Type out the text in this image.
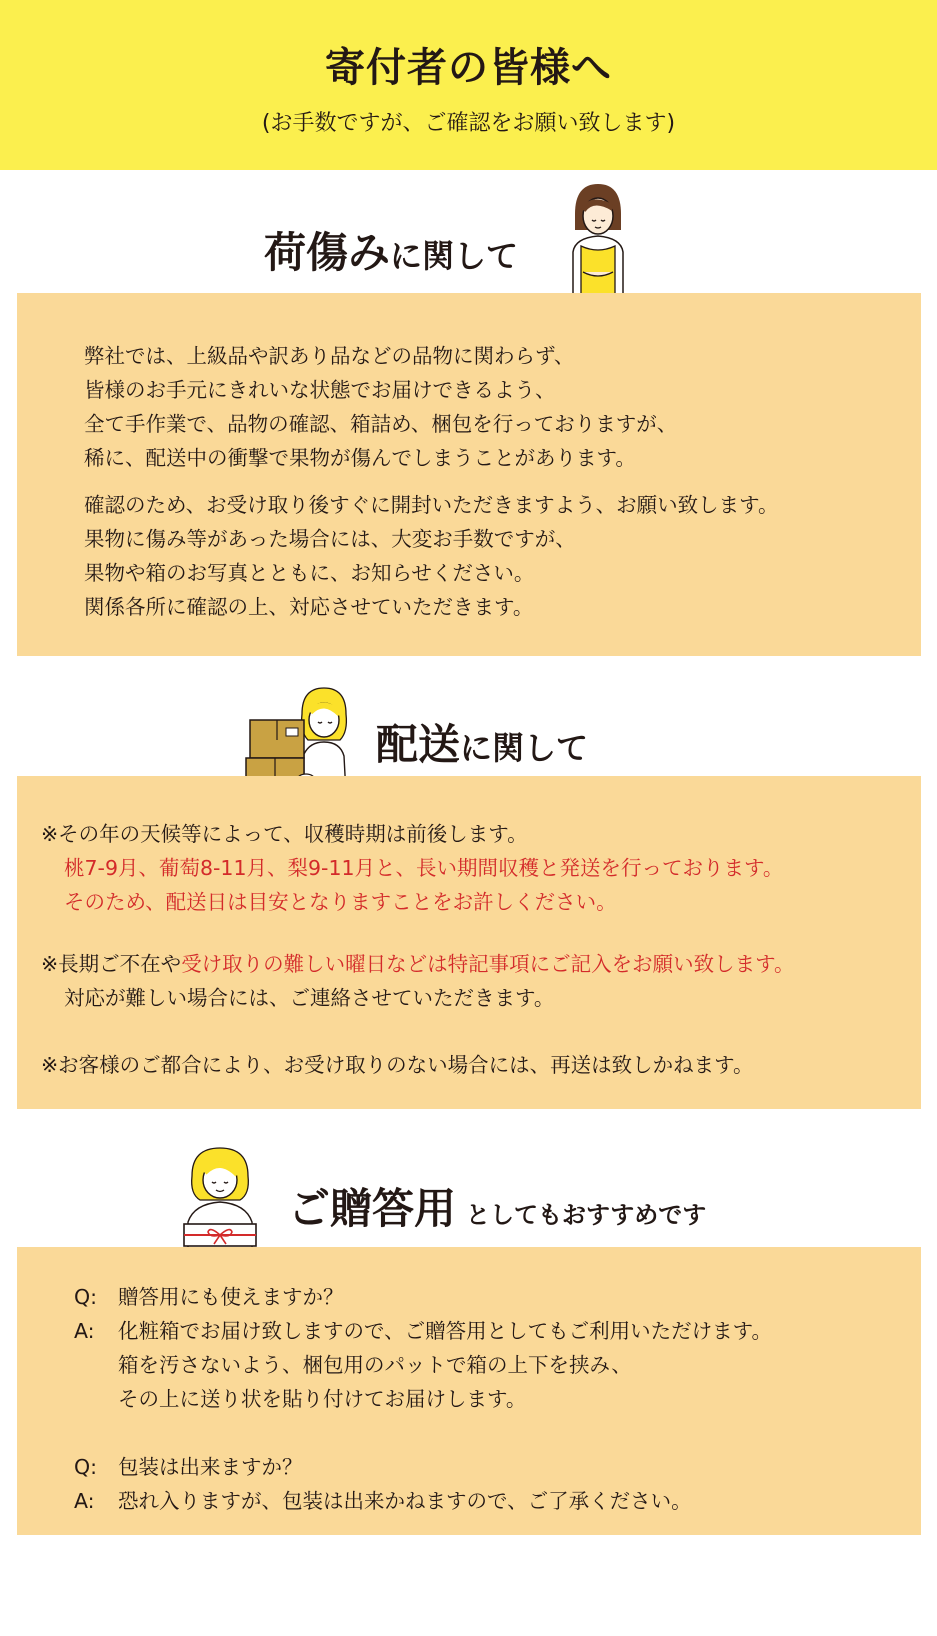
寄付者の皆様へ
(お手数ですが、ご確認をお願い致します)
荷傷みに関して
弊社では、上級品や訳あり品などの品物に関わらず、
皆様のお手元にきれいな状態でお届けできるよう、
全て手作業で、品物の確認、箱詰め、梱包を行っておりますが、
稀に、配送中の衝撃で果物が傷んでしまうことがあります。
確認のため、お受け取り後すぐに開封いただきますよう、お願い致します。
果物に傷み等があった場合には、大変お手数ですが、
果物や箱のお写真とともに、お知らせください。
関係各所に確認の上、対応させていただきます。
配送に関して
※その年の天候等によって、収穫時期は前後します。
桃7-9月、葡萄8-11月、梨9-11月と、長い期間収穫と発送を行っております。
そのため、配送日は目安となりますことをお許しください。
※長期ご不在や受け取りの難しい曜日などは特記事項にご記入をお願い致します。
対応が難しい場合には、ご連絡させていただきます。
※お客様のご都合により、お受け取りのない場合には、再送は致しかねます。
ご贈答用 としてもおすすめです
Q: 贈答用にも使えますか？
A: 化粧箱でお届け致しますので、ご贈答用としてもご利用いただけます。
箱を汚さないよう、梱包用のパットで箱の上下を挟み、
その上に送り状を貼り付けてお届けします。
Q: 包装は出来ますか？
A: 恐れ入りますが、包装は出来かねますので、ご了承ください。
